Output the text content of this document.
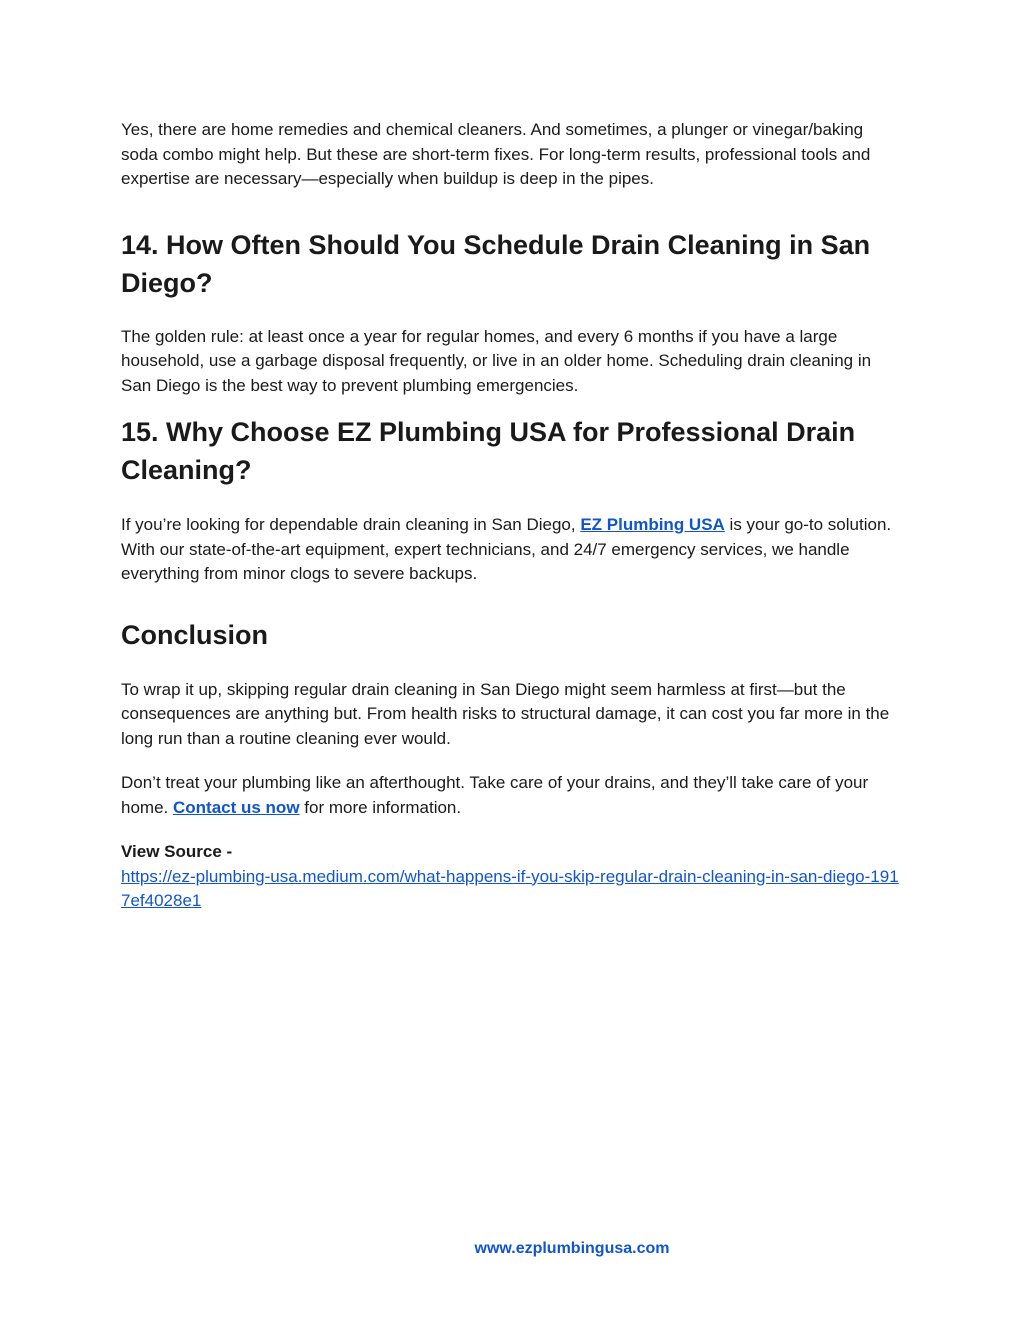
Yes, there are home remedies and chemical cleaners. And sometimes, a plunger or vinegar/baking soda combo might help. But these are short-term fixes. For long-term results, professional tools and expertise are necessary—especially when buildup is deep in the pipes.

14. How Often Should You Schedule Drain Cleaning in San Diego?

The golden rule: at least once a year for regular homes, and every 6 months if you have a large household, use a garbage disposal frequently, or live in an older home. Scheduling drain cleaning in San Diego is the best way to prevent plumbing emergencies.

15. Why Choose EZ Plumbing USA for Professional Drain Cleaning?

If you’re looking for dependable drain cleaning in San Diego, EZ Plumbing USA is your go-to solution. With our state-of-the-art equipment, expert technicians, and 24/7 emergency services, we handle everything from minor clogs to severe backups.

Conclusion

To wrap it up, skipping regular drain cleaning in San Diego might seem harmless at first—but the consequences are anything but. From health risks to structural damage, it can cost you far more in the long run than a routine cleaning ever would.

Don’t treat your plumbing like an afterthought. Take care of your drains, and they’ll take care of your home. Contact us now for more information.

View Source -
https://ez-plumbing-usa.medium.com/what-happens-if-you-skip-regular-drain-cleaning-in-san-diego-1917ef4028e1

www.ezplumbingusa.com
